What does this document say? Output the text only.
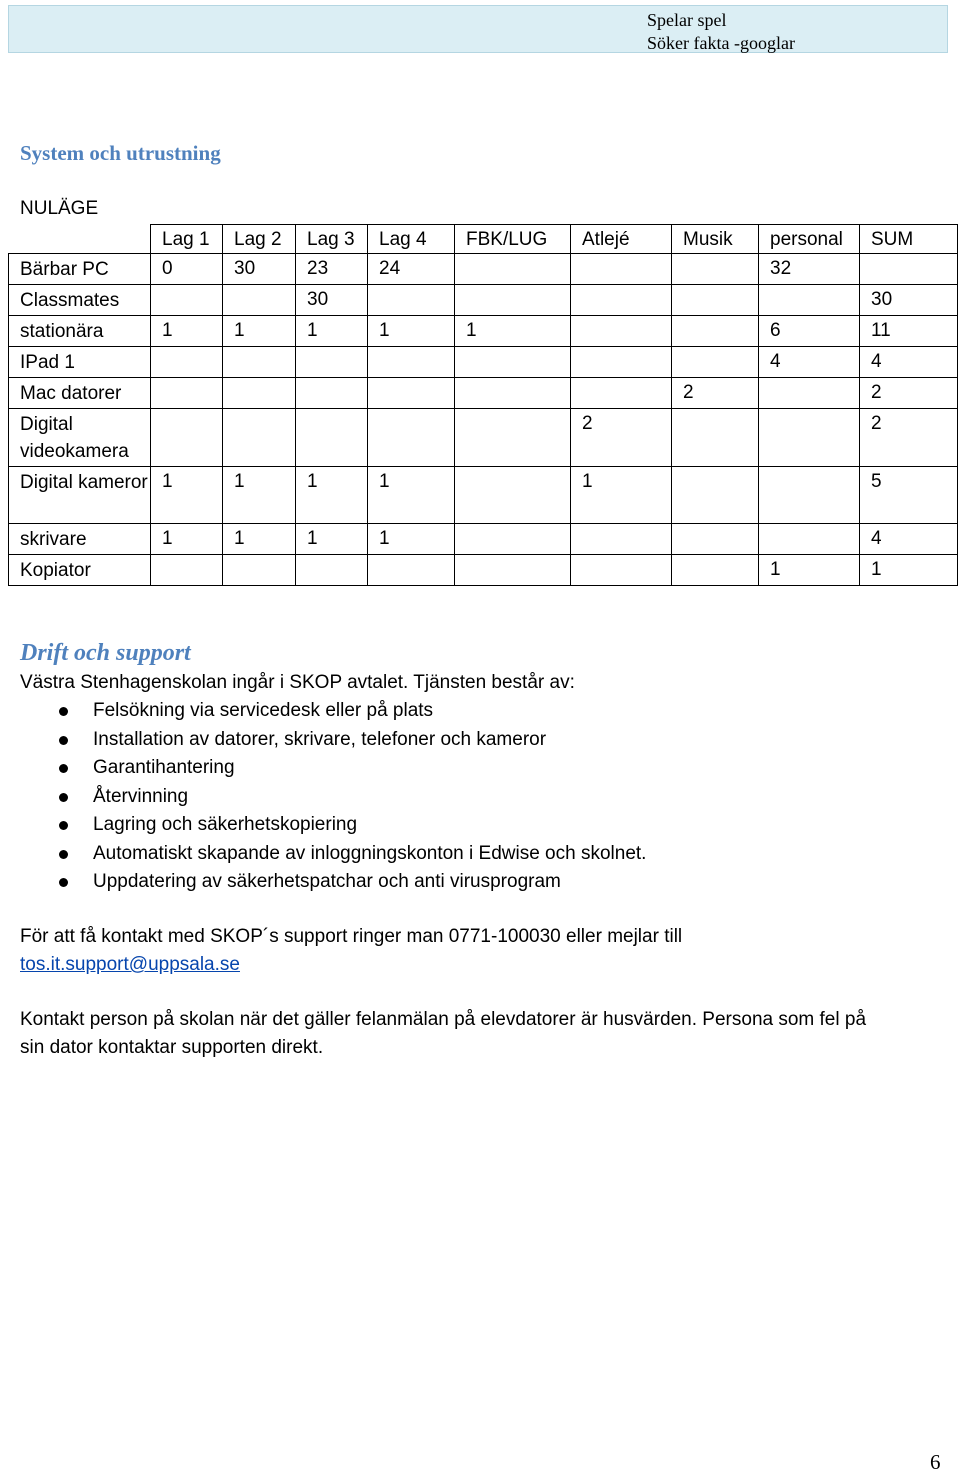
Spelar spel
Söker fakta -googlar
System och utrustning
NULÄGE
	Lag 1	Lag 2	Lag 3	Lag 4	FBK/LUG	Atlejé	Musik	personal	SUM
Bärbar PC	0	30	23	24				32	
Classmates			30						30
stationära	1	1	1	1	1			6	11
IPad 1								4	4
Mac datorer							2		2
Digital videokamera						2			2
Digital kameror	1	1	1	1		1			5
skrivare	1	1	1	1					4
Kopiator								1	1
Drift och support

Västra Stenhagenskolan ingår i SKOP avtalet. Tjänsten består av:

Felsökning via servicedesk eller på plats
Installation av datorer, skrivare, telefoner och kameror
Garantihantering
Återvinning
Lagring och säkerhetskopiering
Automatiskt skapande av inloggningskonton i Edwise och skolnet.
Uppdatering av säkerhetspatchar och anti virusprogram

För att få kontakt med SKOP´s support ringer man 0771-100030 eller mejlar till

tos.it.support@uppsala.se

Kontakt person på skolan när det gäller felanmälan på elevdatorer är husvärden. Persona som fel på

sin dator kontaktar supporten direkt.

6
